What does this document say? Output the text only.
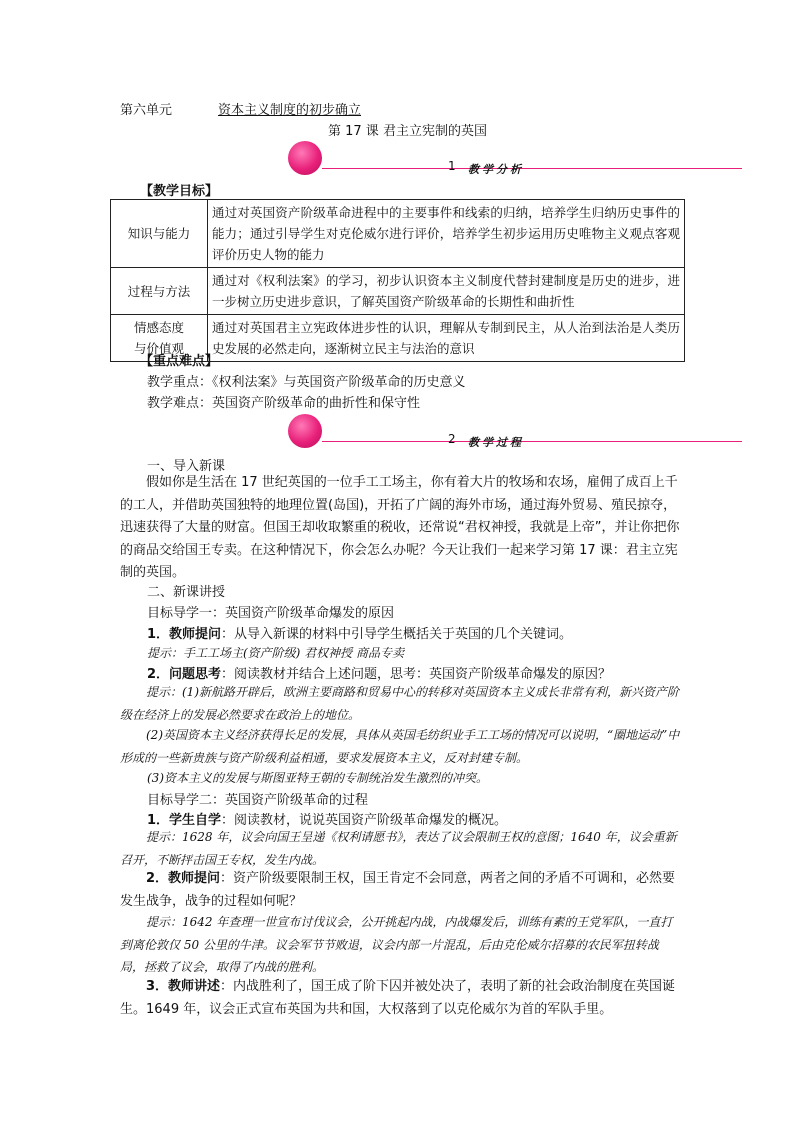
第六单元	资本主义制度的初步确立
第 17 课 君主立宪制的英国
1 教学分析
【教学目标】
知识与能力	通过对英国资产阶级革命进程中的主要事件和线索的归纳，培养学生归纳历史事件的能力；通过引导学生对克伦威尔进行评价，培养学生初步运用历史唯物主义观点客观评价历史人物的能力
过程与方法	通过对《权利法案》的学习，初步认识资本主义制度代替封建制度是历史的进步，进一步树立历史进步意识，了解英国资产阶级革命的长期性和曲折性

情感态度
与价值观	通过对英国君主立宪政体进步性的认识，理解从专制到民主，从人治到法治是人类历史发展的必然走向，逐渐树立民主与法治的意识
【重点难点】
教学重点：《权利法案》与英国资产阶级革命的历史意义
教学难点：英国资产阶级革命的曲折性和保守性
2 教学过程
一、导入新课
假如你是生活在 17 世纪英国的一位手工工场主，你有着大片的牧场和农场，雇佣了成百上千的工人，并借助英国独特的地理位置(岛国)，开拓了广阔的海外市场，通过海外贸易、殖民掠夺，迅速获得了大量的财富。但国王却收取繁重的税收，还常说“君权神授，我就是上帝”，并让你把你的商品交给国王专卖。在这种情况下，你会怎么办呢？今天让我们一起来学习第 17 课：君主立宪制的英国。
二、新课讲授
目标导学一：英国资产阶级革命爆发的原因
1．教师提问：从导入新课的材料中引导学生概括关于英国的几个关键词。
提示：手工工场主(资产阶级) 君权神授 商品专卖
2．问题思考：阅读教材并结合上述问题，思考：英国资产阶级革命爆发的原因？
提示：(1)新航路开辟后，欧洲主要商路和贸易中心的转移对英国资本主义成长非常有利，新兴资产阶级在经济上的发展必然要求在政治上的地位。
(2)英国资本主义经济获得长足的发展，具体从英国毛纺织业手工工场的情况可以说明，“圈地运动”中形成的一些新贵族与资产阶级利益相通，要求发展资本主义，反对封建专制。
(3)资本主义的发展与斯图亚特王朝的专制统治发生激烈的冲突。
目标导学二：英国资产阶级革命的过程
1．学生自学：阅读教材，说说英国资产阶级革命爆发的概况。
提示：1628 年，议会向国王呈递《权利请愿书》，表达了议会限制王权的意图；1640 年，议会重新召开，不断抨击国王专权，发生内战。
2．教师提问：资产阶级要限制王权，国王肯定不会同意，两者之间的矛盾不可调和，必然要发生战争，战争的过程如何呢？
提示：1642 年查理一世宣布讨伐议会，公开挑起内战，内战爆发后，训练有素的王党军队，一直打到离伦敦仅 50 公里的牛津。议会军节节败退，议会内部一片混乱，后由克伦威尔招募的农民军扭转战局，拯救了议会，取得了内战的胜利。
3．教师讲述：内战胜利了，国王成了阶下囚并被处决了，表明了新的社会政治制度在英国诞生。1649 年，议会正式宣布英国为共和国，大权落到了以克伦威尔为首的军队手里。
